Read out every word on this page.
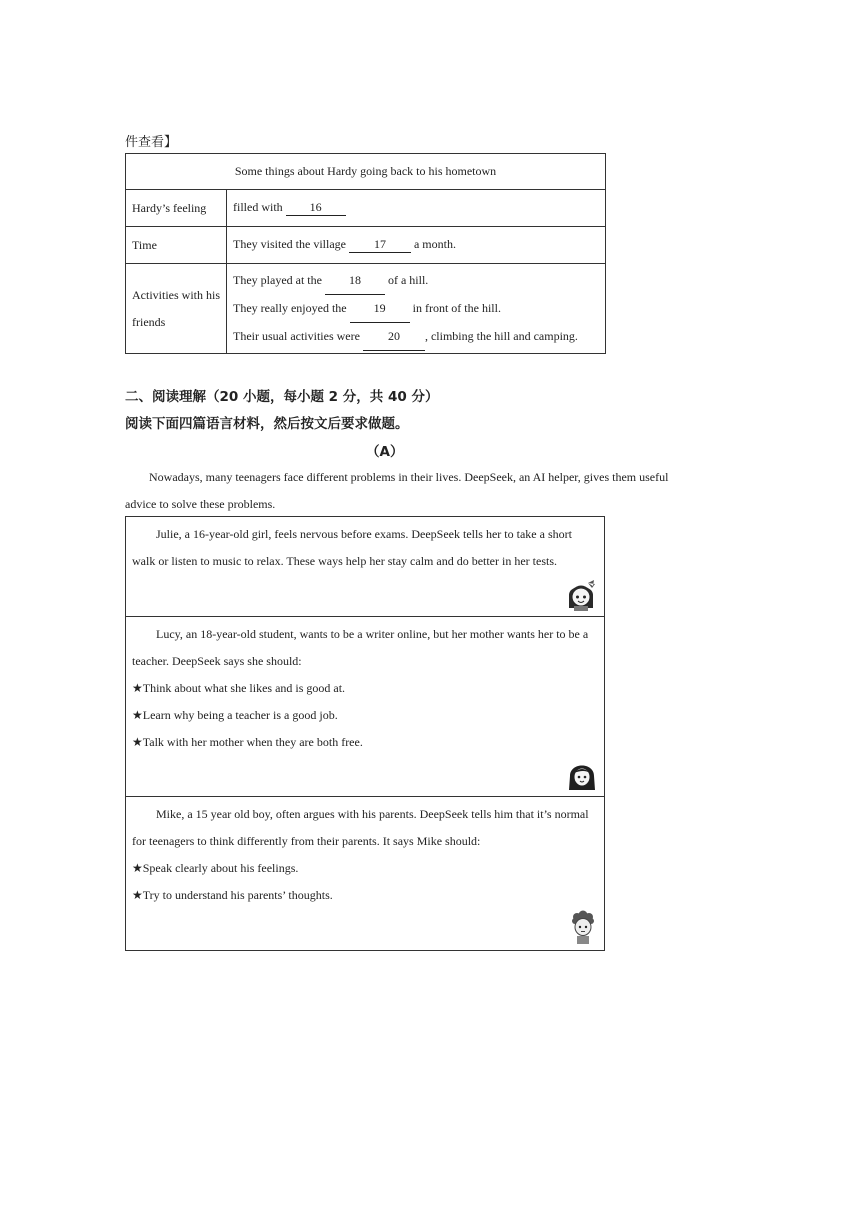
件查看】
Some things about Hardy going back to his hometown	
Hardy’s feeling	filled with 16
Time	They visited the village 17 a month.
Activities with his friends	They played at the 18 of a hill.
They really enjoyed the 19 in front of the hill.
Their usual activities were 20 , climbing the hill and camping.
二、阅读理解（20 小题，每小题 2 分，共 40 分）
阅读下面四篇语言材料，然后按文后要求做题。
（A）
Nowadays, many teenagers face different problems in their lives. DeepSeek, an AI helper, gives them useful advice to solve these problems.

Julie, a 16-year-old girl, feels nervous before exams. DeepSeek tells her to take a short walk or listen to music to relax. These ways help her stay calm and do better in her tests.

Lucy, an 18-year-old student, wants to be a writer online, but her mother wants her to be a teacher. DeepSeek says she should:

★Think about what she likes and is good at.

★Learn why being a teacher is a good job.

★Talk with her mother when they are both free.

Mike, a 15 year old boy, often argues with his parents. DeepSeek tells him that it’s normal for teenagers to think differently from their parents. It says Mike should:

★Speak clearly about his feelings.

★Try to understand his parents’ thoughts.
